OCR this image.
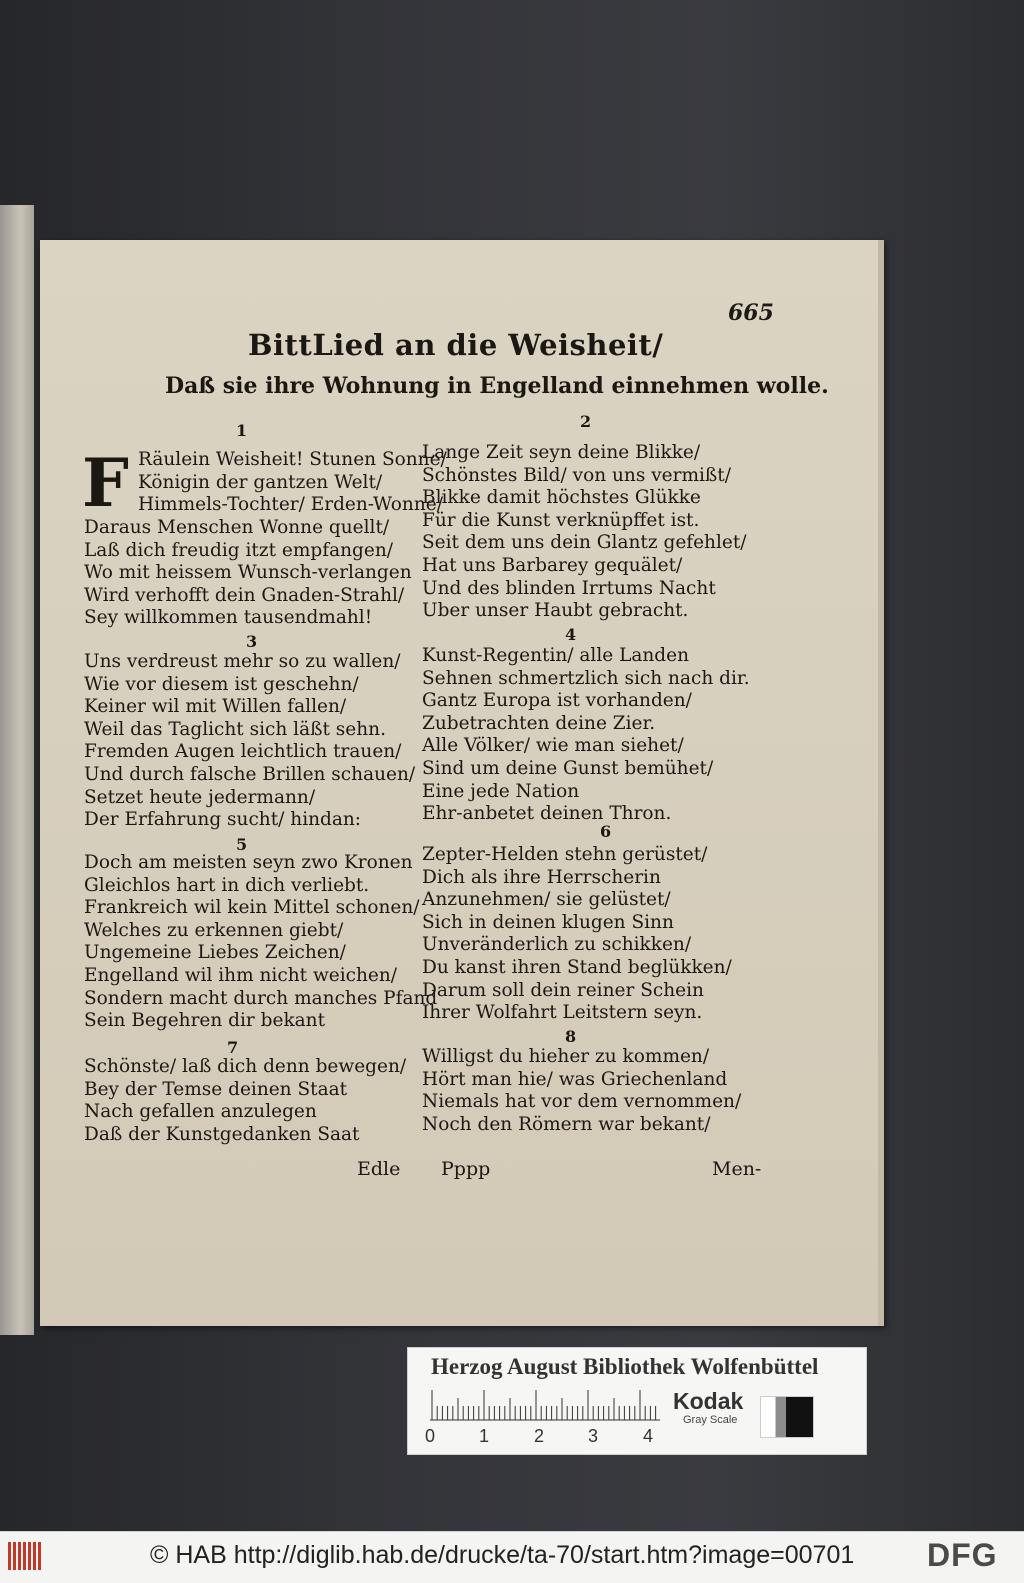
665
BittLied an die Weisheit/
Daß sie ihre Wohnung in Engelland einnehmen wolle.
1	2
3	4
5
6
7
8
F Räulein Weisheit! Stunen Sonne/
Königin der gantzen Welt/
Himmels-Tochter/ Erden-Wonne/
Daraus Menschen Wonne quellt/
Laß dich freudig itzt empfangen/
Wo mit heissem Wunsch-verlangen
Wird verhofft dein Gnaden-Strahl/
Sey willkommen tausendmahl!
Lange Zeit seyn deine Blikke/
Schönstes Bild/ von uns vermißt/
Blikke damit höchstes Glükke
Für die Kunst verknüpffet ist.
Seit dem uns dein Glantz gefehlet/
Hat uns Barbarey gequälet/
Und des blinden Irrtums Nacht
Uber unser Haubt gebracht.
Uns verdreust mehr so zu wallen/
Wie vor diesem ist geschehn/
Keiner wil mit Willen fallen/
Weil das Taglicht sich läßt sehn.
Fremden Augen leichtlich trauen/
Und durch falsche Brillen schauen/
Setzet heute jedermann/
Der Erfahrung sucht/ hindan:
Kunst-Regentin/ alle Landen
Sehnen schmertzlich sich nach dir.
Gantz Europa ist vorhanden/
Zubetrachten deine Zier.
Alle Völker/ wie man siehet/
Sind um deine Gunst bemühet/
Eine jede Nation
Ehr-anbetet deinen Thron.
Doch am meisten seyn zwo Kronen
Gleichlos hart in dich verliebt.
Frankreich wil kein Mittel schonen/
Welches zu erkennen giebt/
Ungemeine Liebes Zeichen/
Engelland wil ihm nicht weichen/
Sondern macht durch manches Pfand
Sein Begehren dir bekant
Zepter-Helden stehn gerüstet/
Dich als ihre Herrscherin
Anzunehmen/ sie gelüstet/
Sich in deinen klugen Sinn
Unveränderlich zu schikken/
Du kanst ihren Stand beglükken/
Darum soll dein reiner Schein
Ihrer Wolfahrt Leitstern seyn.
Schönste/ laß dich denn bewegen/
Bey der Temse deinen Staat
Nach gefallen anzulegen
Daß der Kunstgedanken Saat
Willigst du hieher zu kommen/
Hört man hie/ was Griechenland
Niemals hat vor dem vernommen/
Noch den Römern war bekant/
Edle Pppp	Men-
Herzog August Bibliothek Wolfenbüttel
0 1 2 3 4
Kodak
Gray Scale
© HAB http://diglib.hab.de/drucke/ta-70/start.htm?image=00701 DFG
